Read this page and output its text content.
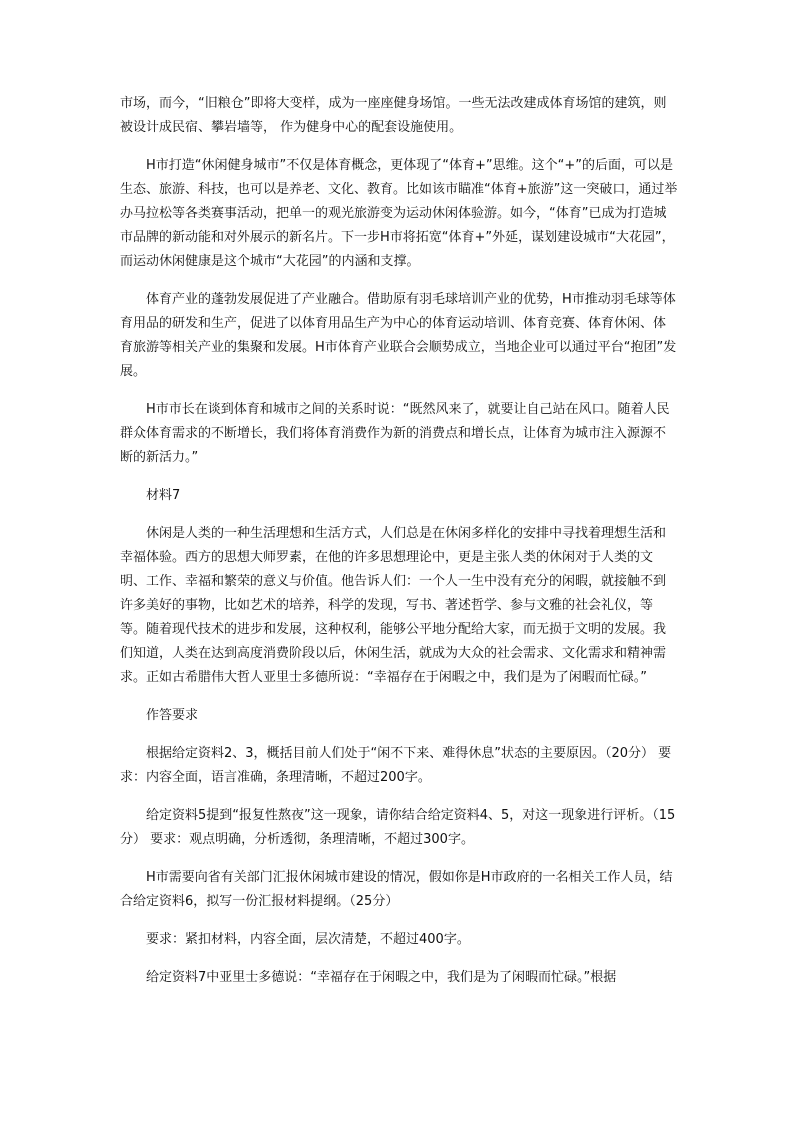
市场，而今，“旧粮仓”即将大变样，成为一座座健身场馆。一些无法改建成体育场馆的建筑，则被设计成民宿、攀岩墙等， 作为健身中心的配套设施使用。

H市打造“休闲健身城市”不仅是体育概念，更体现了“体育+”思维。这个“+”的后面，可以是生态、旅游、科技，也可以是养老、文化、教育。比如该市瞄准“体育+旅游”这一突破口，通过举办马拉松等各类赛事活动，把单一的观光旅游变为运动休闲体验游。如今，“体育”已成为打造城市品牌的新动能和对外展示的新名片。下一步H市将拓宽“体育+”外延，谋划建设城市“大花园”，而运动休闲健康是这个城市“大花园”的内涵和支撑。

体育产业的蓬勃发展促进了产业融合。借助原有羽毛球培训产业的优势，H市推动羽毛球等体育用品的研发和生产，促进了以体育用品生产为中心的体育运动培训、体育竞赛、体育休闲、体育旅游等相关产业的集聚和发展。H市体育产业联合会顺势成立，当地企业可以通过平台“抱团”发展。

H市市长在谈到体育和城市之间的关系时说：“既然风来了，就要让自己站在风口。随着人民群众体育需求的不断增长，我们将体育消费作为新的消费点和增长点，让体育为城市注入源源不断的新活力。”

材料7

休闲是人类的一种生活理想和生活方式，人们总是在休闲多样化的安排中寻找着理想生活和幸福体验。西方的思想大师罗素，在他的许多思想理论中，更是主张人类的休闲对于人类的文明、工作、幸福和繁荣的意义与价值。他告诉人们：一个人一生中没有充分的闲暇，就接触不到许多美好的事物，比如艺术的培养，科学的发现，写书、著述哲学、参与文雅的社会礼仪，等等。随着现代技术的进步和发展，这种权利，能够公平地分配给大家，而无损于文明的发展。我们知道，人类在达到高度消费阶段以后，休闲生活，就成为大众的社会需求、文化需求和精神需求。正如古希腊伟大哲人亚里士多德所说：“幸福存在于闲暇之中，我们是为了闲暇而忙碌。”

作答要求

根据给定资料2、3，概括目前人们处于“闲不下来、难得休息”状态的主要原因。（20分） 要求：内容全面，语言准确，条理清晰，不超过200字。

给定资料5提到“报复性熬夜”这一现象，请你结合给定资料4、5，对这一现象进行评析。（15分） 要求：观点明确，分析透彻，条理清晰，不超过300字。

H市需要向省有关部门汇报休闲城市建设的情况，假如你是H市政府的一名相关工作人员，结合给定资料6，拟写一份汇报材料提纲。（25分）

要求：紧扣材料，内容全面，层次清楚，不超过400字。

给定资料7中亚里士多德说：“幸福存在于闲暇之中，我们是为了闲暇而忙碌。”根据
